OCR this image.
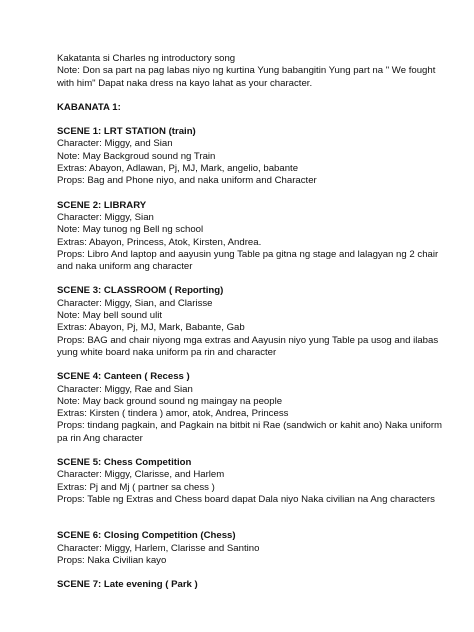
Kakatanta si Charles ng introductory song

Note: Don sa part na pag labas niyo ng kurtina Yung babangitin Yung part na " We fought with him" Dapat naka dress na kayo lahat as your character.

KABANATA 1:

SCENE 1: LRT STATION (train)

Character: Miggy, and Sian

Note: May Backgroud sound ng Train

Extras: Abayon, Adlawan, Pj, MJ, Mark, angelio, babante

Props: Bag and Phone niyo, and naka uniform and Character

SCENE 2: LIBRARY

Character: Miggy, Sian

Note: May tunog ng Bell ng school

Extras: Abayon, Princess, Atok, Kirsten, Andrea.

Props: Libro And laptop and aayusin yung Table pa gitna ng stage and lalagyan ng 2 chair and naka uniform ang character

SCENE 3: CLASSROOM ( Reporting)

Character: Miggy, Sian, and Clarisse

Note: May bell sound ulit

Extras: Abayon, Pj, MJ, Mark, Babante, Gab

Props: BAG and chair niyong mga extras and Aayusin niyo yung Table pa usog and ilabas yung white board naka uniform pa rin and character

SCENE 4: Canteen ( Recess )

Character: Miggy, Rae and Sian

Note: May back ground sound ng maingay na people

Extras: Kirsten ( tindera ) amor, atok, Andrea, Princess

Props: tindang pagkain, and Pagkain na bitbit ni Rae (sandwich or kahit ano) Naka uniform pa rin Ang character

SCENE 5: Chess Competition

Character: Miggy, Clarisse, and Harlem

Extras: Pj and Mj ( partner sa chess )

Props: Table ng Extras and Chess board dapat Dala niyo Naka civilian na Ang characters

SCENE 6: Closing Competition (Chess)

Character: Miggy, Harlem, Clarisse and Santino

Props: Naka Civilian kayo

SCENE 7: Late evening ( Park )
